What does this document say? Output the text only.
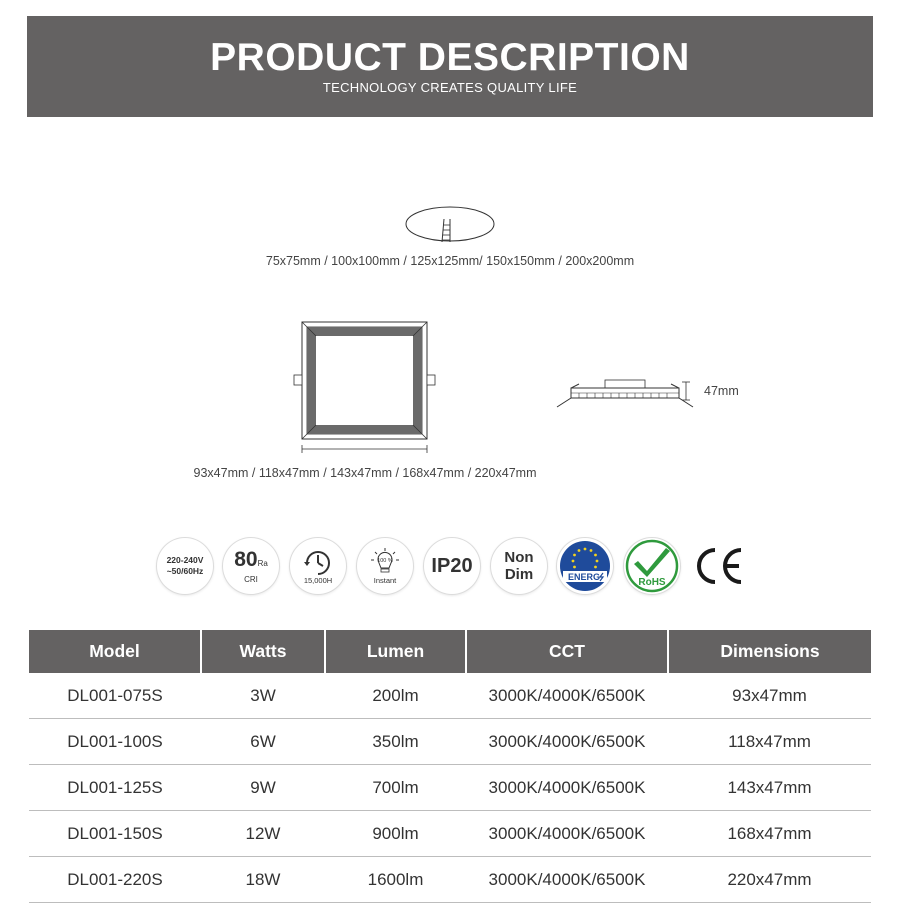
PRODUCT DESCRIPTION
TECHNOLOGY CREATES QUALITY LIFE
75x75mm / 100x100mm / 125x125mm/ 150x150mm / 200x200mm
93x47mm / 118x47mm / 143x47mm / 168x47mm / 220x47mm
47mm
220-240V
~50/60Hz
80Ra
CRI	15,000H
100 %
Instant
IP20 Non
Dim	ENERG	RoHS
CE
Model	Watts	Lumen	CCT	Dimensions
DL001-075S	3W	200lm	3000K/4000K/6500K	93x47mm
DL001-100S	6W	350lm	3000K/4000K/6500K	118x47mm
DL001-125S	9W	700lm	3000K/4000K/6500K	143x47mm
DL001-150S	12W	900lm	3000K/4000K/6500K	168x47mm
DL001-220S	18W	1600lm	3000K/4000K/6500K	220x47mm
